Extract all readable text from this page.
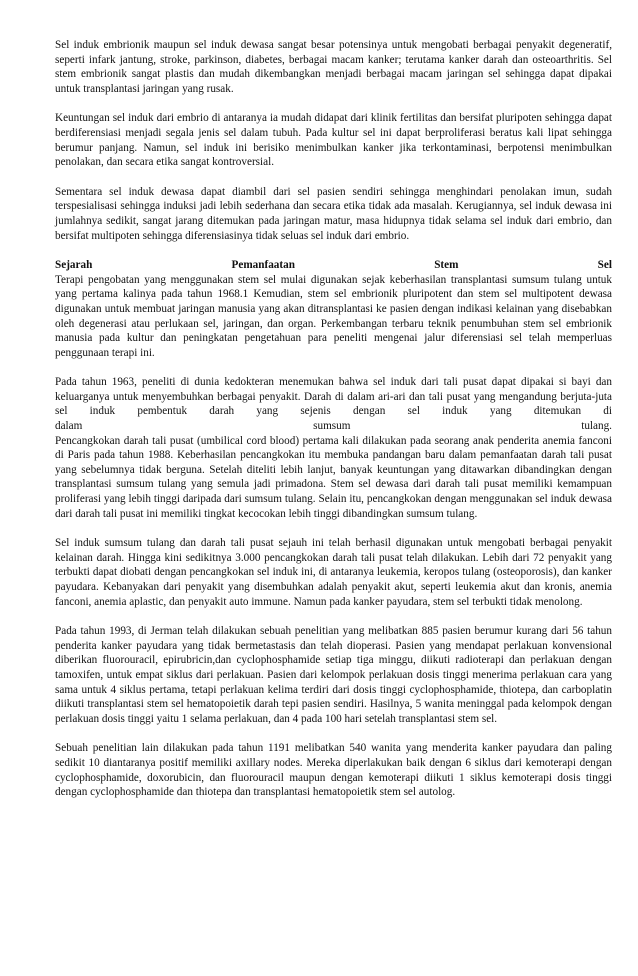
Sel induk embrionik maupun sel induk dewasa sangat besar potensinya untuk mengobati berbagai penyakit degeneratif, seperti infark jantung, stroke, parkinson, diabetes, berbagai macam kanker; terutama kanker darah dan osteoarthritis. Sel stem embrionik sangat plastis dan mudah dikembangkan menjadi berbagai macam jaringan sel sehingga dapat dipakai untuk transplantasi jaringan yang rusak.

Keuntungan sel induk dari embrio di antaranya ia mudah didapat dari klinik fertilitas dan bersifat pluripoten sehingga dapat berdiferensiasi menjadi segala jenis sel dalam tubuh. Pada kultur sel ini dapat berproliferasi beratus kali lipat sehingga berumur panjang. Namun, sel induk ini berisiko menimbulkan kanker jika terkontaminasi, berpotensi menimbulkan penolakan, dan secara etika sangat kontroversial.

Sementara sel induk dewasa dapat diambil dari sel pasien sendiri sehingga menghindari penolakan imun, sudah terspesialisasi sehingga induksi jadi lebih sederhana dan secara etika tidak ada masalah. Kerugiannya, sel induk dewasa ini jumlahnya sedikit, sangat jarang ditemukan pada jaringan matur, masa hidupnya tidak selama sel induk dari embrio, dan bersifat multipoten sehingga diferensiasinya tidak seluas sel induk dari embrio.

Sejarah	Pemanfaatan	Stem	Sel

Terapi pengobatan yang menggunakan stem sel mulai digunakan sejak keberhasilan transplantasi sumsum tulang untuk yang pertama kalinya pada tahun 1968.1 Kemudian, stem sel embrionik pluripotent dan stem sel multipotent dewasa digunakan untuk membuat jaringan manusia yang akan ditransplantasi ke pasien dengan indikasi kelainan yang disebabkan oleh degenerasi atau perlukaan sel, jaringan, dan organ. Perkembangan terbaru teknik penumbuhan stem sel embrionik manusia pada kultur dan peningkatan pengetahuan para peneliti mengenai jalur diferensiasi sel telah memperluas penggunaan terapi ini.

Pada tahun 1963, peneliti di dunia kedokteran menemukan bahwa sel induk dari tali pusat dapat dipakai si bayi dan keluarganya untuk menyembuhkan berbagai penyakit. Darah di dalam ari-ari dan tali pusat yang mengandung berjuta-juta sel induk pembentuk darah yang sejenis dengan sel induk yang ditemukan di
dalam	sumsum	tulang.
Pencangkokan darah tali pusat (umbilical cord blood) pertama kali dilakukan pada seorang anak penderita anemia fanconi di Paris pada tahun 1988. Keberhasilan pencangkokan itu membuka pandangan baru dalam pemanfaatan darah tali pusat yang sebelumnya tidak berguna. Setelah diteliti lebih lanjut, banyak keuntungan yang ditawarkan dibandingkan dengan transplantasi sumsum tulang yang semula jadi primadona. Stem sel dewasa dari darah tali pusat memiliki kemampuan proliferasi yang lebih tinggi daripada dari sumsum tulang. Selain itu, pencangkokan dengan menggunakan sel induk dewasa dari darah tali pusat ini memiliki tingkat kecocokan lebih tinggi dibandingkan sumsum tulang.

Sel induk sumsum tulang dan darah tali pusat sejauh ini telah berhasil digunakan untuk mengobati berbagai penyakit kelainan darah. Hingga kini sedikitnya 3.000 pencangkokan darah tali pusat telah dilakukan. Lebih dari 72 penyakit yang terbukti dapat diobati dengan pencangkokan sel induk ini, di antaranya leukemia, keropos tulang (osteoporosis), dan kanker payudara. Kebanyakan dari penyakit yang disembuhkan adalah penyakit akut, seperti leukemia akut dan kronis, anemia fanconi, anemia aplastic, dan penyakit auto immune. Namun pada kanker payudara, stem sel terbukti tidak menolong.

Pada tahun 1993, di Jerman telah dilakukan sebuah penelitian yang melibatkan 885 pasien berumur kurang dari 56 tahun penderita kanker payudara yang tidak bermetastasis dan telah dioperasi. Pasien yang mendapat perlakuan konvensional diberikan fluorouracil, epirubricin,dan cyclophosphamide setiap tiga minggu, diikuti radioterapi dan perlakuan dengan tamoxifen, untuk empat siklus dari perlakuan. Pasien dari kelompok perlakuan dosis tinggi menerima perlakuan cara yang sama untuk 4 siklus pertama, tetapi perlakuan kelima terdiri dari dosis tinggi cyclophosphamide, thiotepa, dan carboplatin diikuti transplantasi stem sel hematopoietik darah tepi pasien sendiri. Hasilnya, 5 wanita meninggal pada kelompok dengan perlakuan dosis tinggi yaitu 1 selama perlakuan, dan 4 pada 100 hari setelah transplantasi stem sel.

Sebuah penelitian lain dilakukan pada tahun 1191 melibatkan 540 wanita yang menderita kanker payudara dan paling sedikit 10 diantaranya positif memiliki axillary nodes. Mereka diperlakukan baik dengan 6 siklus dari kemoterapi dengan cyclophosphamide, doxorubicin, dan fluorouracil maupun dengan kemoterapi diikuti 1 siklus kemoterapi dosis tinggi dengan cyclophosphamide dan thiotepa dan transplantasi hematopoietik stem sel autolog.
